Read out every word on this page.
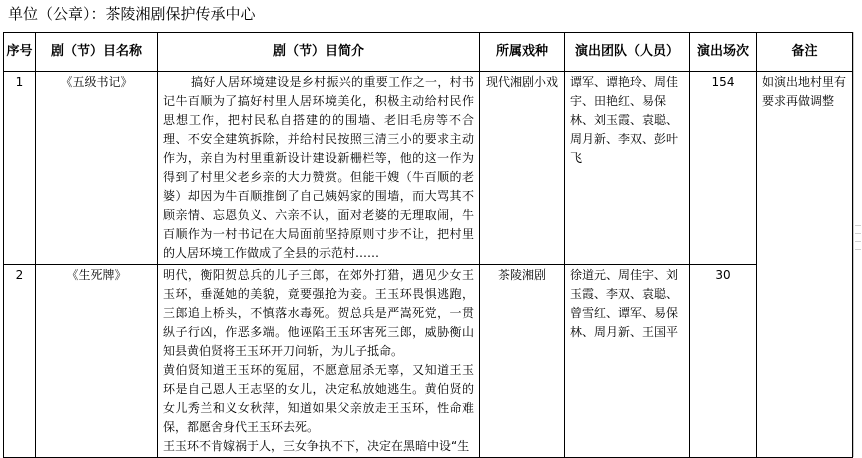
单位（公章）：茶陵湘剧保护传承中心
序号	剧（节）目名称	剧（节）目简介	所属戏种	演出团队（人员）	演出场次	备注
1	《五级书记》	搞好人居环境建设是乡村振兴的重要工作之一，村书记牛百顺为了搞好村里人居环境美化，积极主动给村民作思想工作，把村民私自搭建的的围墙、老旧毛房等不合理、不安全建筑拆除，并给村民按照三清三小的要求主动作为，亲自为村里重新设计建设新栅栏等，他的这一作为得到了村里父老乡亲的大力赞赏。但能干嫂（牛百顺的老婆）却因为牛百顺推倒了自己姨妈家的围墙，而大骂其不顾亲情、忘恩负义、六亲不认，面对老婆的无理取闹，牛百顺作为一村书记在大局面前坚持原则寸步不让，把村里的人居环境工作做成了全县的示范村……	现代湘剧小戏	谭军、谭艳玲、周佳宇、田艳红、易保林、刘玉霞、袁聪、周月新、李双、彭叶飞	154	如演出地村里有要求再做调整
2	《生死牌》	明代，衡阳贺总兵的儿子三郎，在郊外打猎，遇见少女王玉环，垂涎她的美貌，竟要强抢为妾。王玉环畏惧逃跑，三郎追上桥头，不慎落水毒死。贺总兵是严嵩死党，一贯纵子行凶，作恶多端。他诬陷王玉环害死三郎，威胁衡山知县黄伯贤将王玉环开刀问斩，为儿子抵命。

黄伯贤知道王玉环的冤屈，不愿意屈杀无辜，又知道王玉环是自己恩人王志坚的女儿，决定私放她逃生。黄伯贤的女儿秀兰和义女秋萍，知道如果父亲放走王玉环，性命难保，都愿舍身代王玉环去死。

王玉环不肯嫁祸于人，三女争执不下，决定在黑暗中设“生	茶陵湘剧	徐道元、周佳宇、刘玉霞、李双、袁聪、曾雪红、谭军、易保林、周月新、王国平	30	
